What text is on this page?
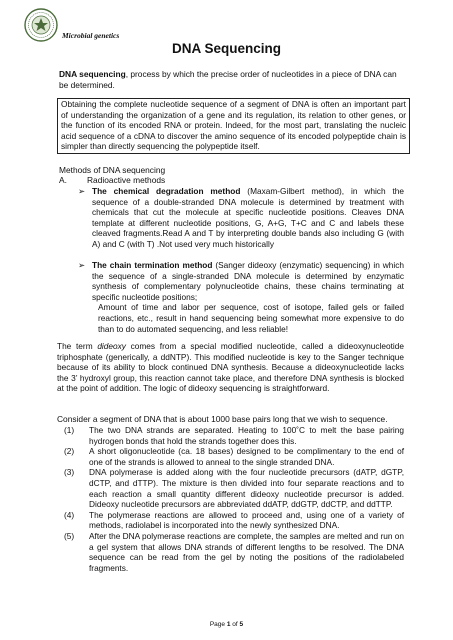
Microbial genetics
DNA Sequencing
DNA sequencing, process by which the precise order of nucleotides in a piece of DNA can be determined.
Obtaining the complete nucleotide sequence of a segment of DNA is often an important part of understanding the organization of a gene and its regulation, its relation to other genes, or the function of its encoded RNA or protein. Indeed, for the most part, translating the nucleic acid sequence of a cDNA to discover the amino sequence of its encoded polypeptide chain is simpler than directly sequencing the polypeptide itself.
Methods of DNA sequencing
A. Radioactive methods
➢ The chemical degradation method (Maxam-Gilbert method), in which the sequence of a double-stranded DNA molecule is determined by treatment with chemicals that cut the molecule at specific nucleotide positions. Cleaves DNA template at different nucleotide positions, G, A+G, T+C and C and labels these cleaved fragments.Read A and T by interpreting double bands also including G (with A) and C (with T) .Not used very much historically
➢ The chain termination method (Sanger dideoxy (enzymatic) sequencing) in which the sequence of a single-stranded DNA molecule is determined by enzymatic synthesis of complementary polynucleotide chains, these chains terminating at specific nucleotide positions;
Amount of time and labor per sequence, cost of isotope, failed gels or failed reactions, etc., result in hand sequencing being somewhat more expensive to do than to do automated sequencing, and less reliable!
The term dideoxy comes from a special modified nucleotide, called a dideoxynucleotide triphosphate (generically, a ddNTP). This modified nucleotide is key to the Sanger technique because of its ability to block continued DNA synthesis. Because a dideoxynucleotide lacks the 3’ hydroxyl group, this reaction cannot take place, and therefore DNA synthesis is blocked at the point of addition. The logic of dideoxy sequencing is straightforward.
Consider a segment of DNA that is about 1000 base pairs long that we wish to sequence.
(1) The two DNA strands are separated. Heating to 100˚C to melt the base pairing hydrogen bonds that hold the strands together does this.
(2) A short oligonucleotide (ca. 18 bases) designed to be complimentary to the end of one of the strands is allowed to anneal to the single stranded DNA.
(3) DNA polymerase is added along with the four nucleotide precursors (dATP, dGTP, dCTP, and dTTP). The mixture is then divided into four separate reactions and to each reaction a small quantity different dideoxy nucleotide precursor is added. Dideoxy nucleotide precursors are abbreviated ddATP, ddGTP, ddCTP, and ddTTP.
(4) The polymerase reactions are allowed to proceed and, using one of a variety of methods, radiolabel is incorporated into the newly synthesized DNA.
(5) After the DNA polymerase reactions are complete, the samples are melted and run on a gel system that allows DNA strands of different lengths to be resolved. The DNA sequence can be read from the gel by noting the positions of the radiolabeled fragments.
Page 1 of 5
